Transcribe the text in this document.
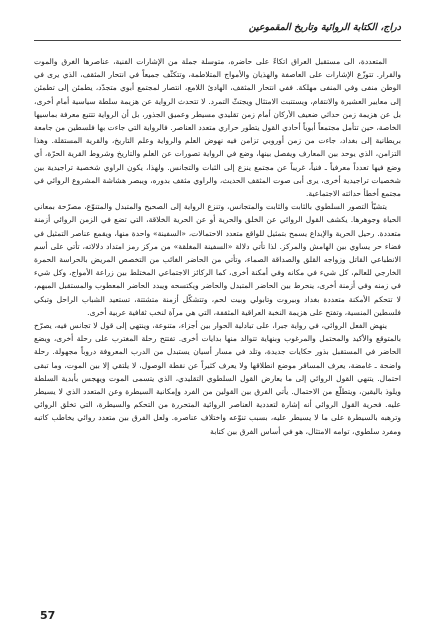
دراج، الكتابة الروائية وتاريخ المقموعين

المتعددة، الى مستقبل العراق اتكاءً على حاضره، متوسلة جملة من الإشارات الفنية، عناصرها الغرق والموت والقرار. تتوزّع الإشارات على العاصفة والهذيان والأمواج المتلاطمة، وتتكثّف جميعاً في انتحار المثقف، الذي يرى في الوطن منفى وفي المنفى مهلكة. ففي انتحار المثقف، الهادئ اللامع، انتصار لمجتمع أبوي متجدّد، يطمئن إلى تطمئن إلى معايير العشيرة والانتقام، ويستتبت الامتثال ويجتثّ التمرد. لا تتحدث الرواية عن هزيمة سلطة سياسية أمام أخرى، بل عن هزيمة زمن حداثي ضعيف الأركان أمام زمن تقليدي مسيطر وعميق الجذور، بل أن الرواية تتتبع معرفة بماسيها الخاصة، حين تتأمل مجتمعاً أبوياً أحادي القول يتطور حراري متعدد العناصر. فالرواية التي جاءت بها فلسطين من جامعة بريطانية إلى بغداد، جاءت من زمن أوروبي تزامن فيه نهوض العلم والرواية وعلم التاريخ، والقرية المستقلة. وهذا التزامن، الذي يوحد بين المعارف ويفصل بينها، وضع في الرواية تصورات عن العلم والتاريخ وشروط القرية الحرّة، أي وضع فيها تعدداً معرفياً ـ فنياً، غريباً عن مجتمع ينزع إلى الثبات والتجانس. ولهذا، يكون الراوي شخصية تراجيدية بين شخصيات تراجيدية أخرى، يرى أبى صوت المثقف الحديث، والراوي مثقف بدوره، ويبصر هشاشة المشروع الروائي في مجتمع أخطأ حداثته الاجتماعية.

يتشيّأ التصور السلطوي بالثابت والثابت والمتجانس، وتنزع الرواية إلى الصحيح والمتبدل والمتنوّع، مصرّحة بمعاني الحياة وجوهرها. يكشف القول الروائي عن الخلق والحرية أو عن الحرية الخلاقة، التي تضع في الزمن الروائي أزمنة متعددة. رحيل الحرية والإبداع يسمح بتمثيل للواقع متعدد الاحتمالات، «السفينة» واحدة منها، ويقمع عناصر التمثيل في فضاء حر يساوي بين الهامش والمركز. لذا تأتي دلالة «السفينة المغلقة» من مركز رمز امتداد دلالاته، تأتي على أسم الانطباعي القاتل وزواجه القلق والصداقة الصماء، وتأتي من الحاضر الغائب من التخصص المريض بالحراسة الحمرة الخارجي للعالم، كل شيء في مكانه وفي أمكنة أخرى، كما الركائز الاجتماعي المختلط بين زراعة الأمواج، وكل شيء في زمنه وفي أزمنة أخرى، ينحرط بين الحاضر المتبدل والحاضر ويكتسحه ويبدد الحاضر المعطوب والمستقبل المبهم، لا تتحكم الأمكنة متعددة بغداد وبيروت وتابولي وبيت لحم، وتتشكّل أزمنة متشتتة، تستعيد الشباب الراحل وتبكي فلسطين المنسية، وتفتح على هزيمة النخبة العراقية المثقفة، التي هي مرآة لنخب ثقافية عربية أخرى.

ينهض الفعل الروائي، في رواية جبرا، على تبادلية الحوار بين أجزاء، متنوعة، وينتهي إلى قول لا تجانس فيه، يصرّح بالمتوقع والأكيد والمحتمل والمرغوب وبنهاية تتوالد منها بدايات أخرى. تفتتح رحلة المغترب على رحلة أخرى، ويضع الحاضر في المستقبل بذور حكايات جديدة، وتلد في مسار أسيان يستبدل من الدرب المعروفة دروباً مجهولة. رحلة واضحة ـ غامضة، يعرف المسافر موضع انطلاقها ولا يعرف كثيراً عن نقطة الوصول، لا يلتقي إلا بين الموت، وما تبقى احتمال. يتنهي القول الروائي إلى ما يعارض القول السلطوي التقليدي، الذي يتسمى الموت ويهجس بأبدية السلطة ويلوذ باليقين، ويتطلّع من الاحتمال. يأتي الفرق بين القولين من الفرد وإمكانية السيطرة وعن المتعدد الذي لا يسيطر عليه. فحرية القول الروائي أنه إشارة لتعددية العناصر الروائية المتحررة من التحكم والسيطرة، التي تخلق الروائي وترهبه بالسيطرة على ما لا يسيطر عليه، بسبب تنوّعه واختلاف عناصره. ولعل الفرق بين متعدد روائي يخاطب كاتبه ومفرد سلطوي، توامه الامتثال، هو في أساس الفرق بين كتابة

57
